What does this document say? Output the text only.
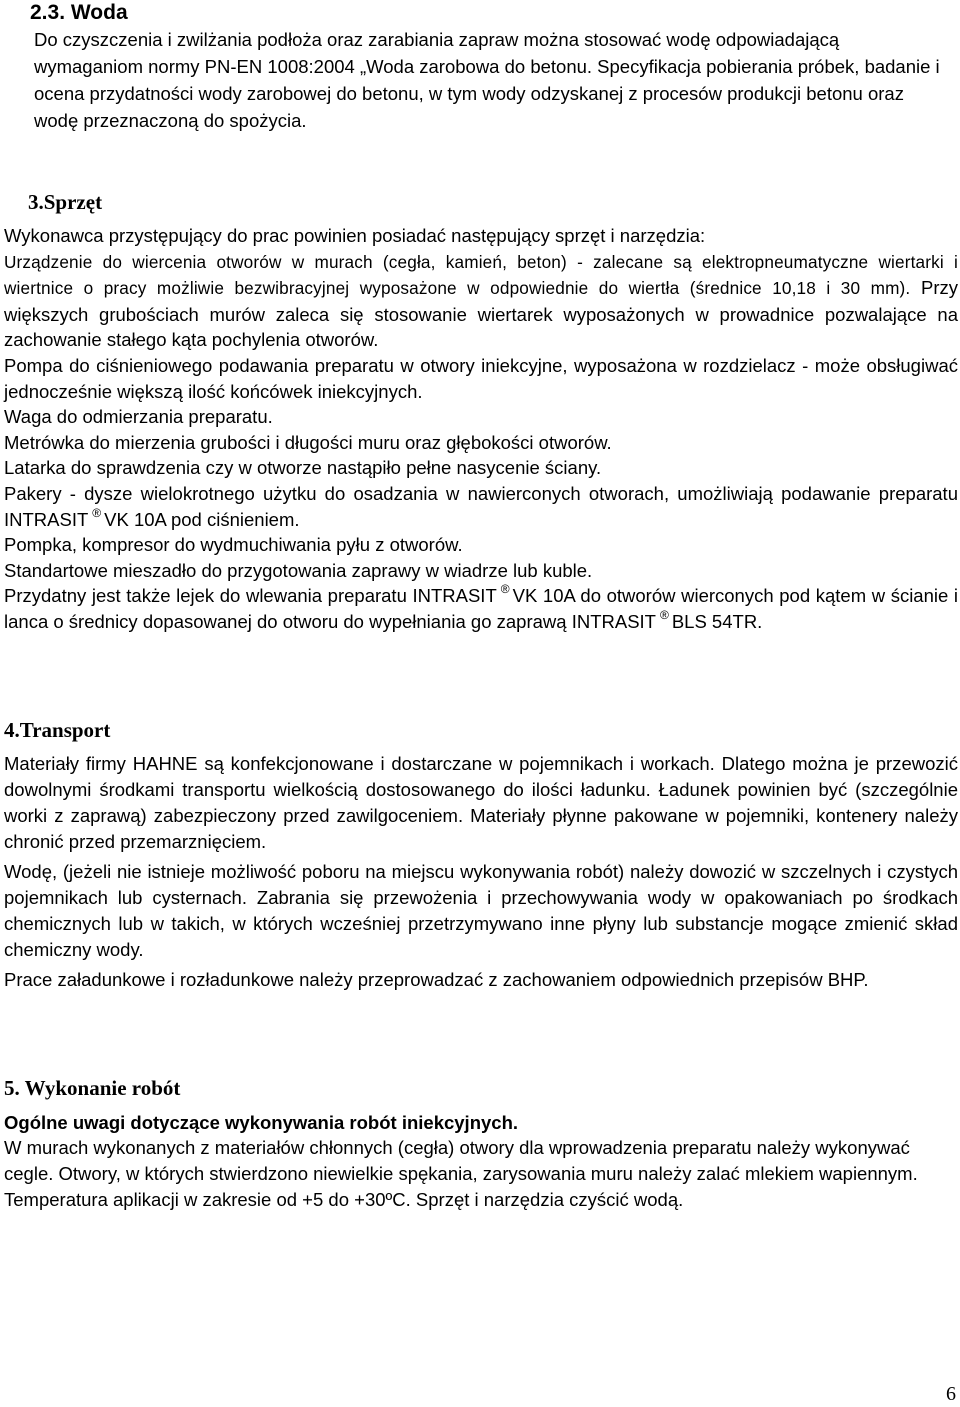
2.3. Woda

Do czyszczenia i zwilżania podłoża oraz zarabiania zapraw można stosować wodę odpowiadającą wymaganiom normy PN-EN 1008:2004 „Woda zarobowa do betonu. Specyfikacja pobierania próbek, badanie i ocena przydatności wody zarobowej do betonu, w tym wody odzyskanej z procesów produkcji betonu oraz wodę przeznaczoną do spożycia.

3.Sprzęt

Wykonawca przystępujący do prac powinien posiadać następujący sprzęt i narzędzia:

Urządzenie do wiercenia otworów w murach (cegła, kamień, beton) - zalecane są elektropneumatyczne wiertarki i wiertnice o pracy możliwie bezwibracyjnej wyposażone w odpowiednie do wiertła (średnice 10,18 i 30 mm). Przy większych grubościach murów zaleca się stosowanie wiertarek wyposażonych w prowadnice pozwalające na zachowanie stałego kąta pochylenia otworów.

Pompa do ciśnieniowego podawania preparatu w otwory iniekcyjne, wyposażona w rozdzielacz - może obsługiwać jednocześnie większą ilość końcówek iniekcyjnych.

Waga do odmierzania preparatu.

Metrówka do mierzenia grubości i długości muru oraz głębokości otworów.

Latarka do sprawdzenia czy w otworze nastąpiło pełne nasycenie ściany.

Pakery - dysze wielokrotnego użytku do osadzania w nawierconych otworach, umożliwiają podawanie preparatu INTRASIT ® VK 10A pod ciśnieniem.

Pompka, kompresor do wydmuchiwania pyłu z otworów.

Standartowe mieszadło do przygotowania zaprawy w wiadrze lub kuble.

Przydatny jest także lejek do wlewania preparatu INTRASIT ® VK 10A do otworów wierconych pod kątem w ścianie i lanca o średnicy dopasowanej do otworu do wypełniania go zaprawą INTRASIT ® BLS 54TR.

4.Transport

Materiały firmy HAHNE są konfekcjonowane i dostarczane w pojemnikach i workach. Dlatego można je przewozić dowolnymi środkami transportu wielkością dostosowanego do ilości ładunku. Ładunek powinien być (szczególnie worki z zaprawą) zabezpieczony przed zawilgoceniem. Materiały płynne pakowane w pojemniki, kontenery należy chronić przed przemarznięciem.

Wodę, (jeżeli nie istnieje możliwość poboru na miejscu wykonywania robót) należy dowozić w szczelnych i czystych pojemnikach lub cysternach. Zabrania się przewożenia i przechowywania wody w opakowaniach po środkach chemicznych lub w takich, w których wcześniej przetrzymywano inne płyny lub substancje mogące zmienić skład chemiczny wody.

Prace załadunkowe i rozładunkowe należy przeprowadzać z zachowaniem odpowiednich przepisów BHP.

5. Wykonanie robót

Ogólne uwagi dotyczące wykonywania robót iniekcyjnych.

W murach wykonanych z materiałów chłonnych (cegła) otwory dla wprowadzenia preparatu należy wykonywać cegle. Otwory, w których stwierdzono niewielkie spękania, zarysowania muru należy zalać mlekiem wapiennym. Temperatura aplikacji w zakresie od +5 do +30ºC. Sprzęt i narzędzia czyścić wodą.

6
